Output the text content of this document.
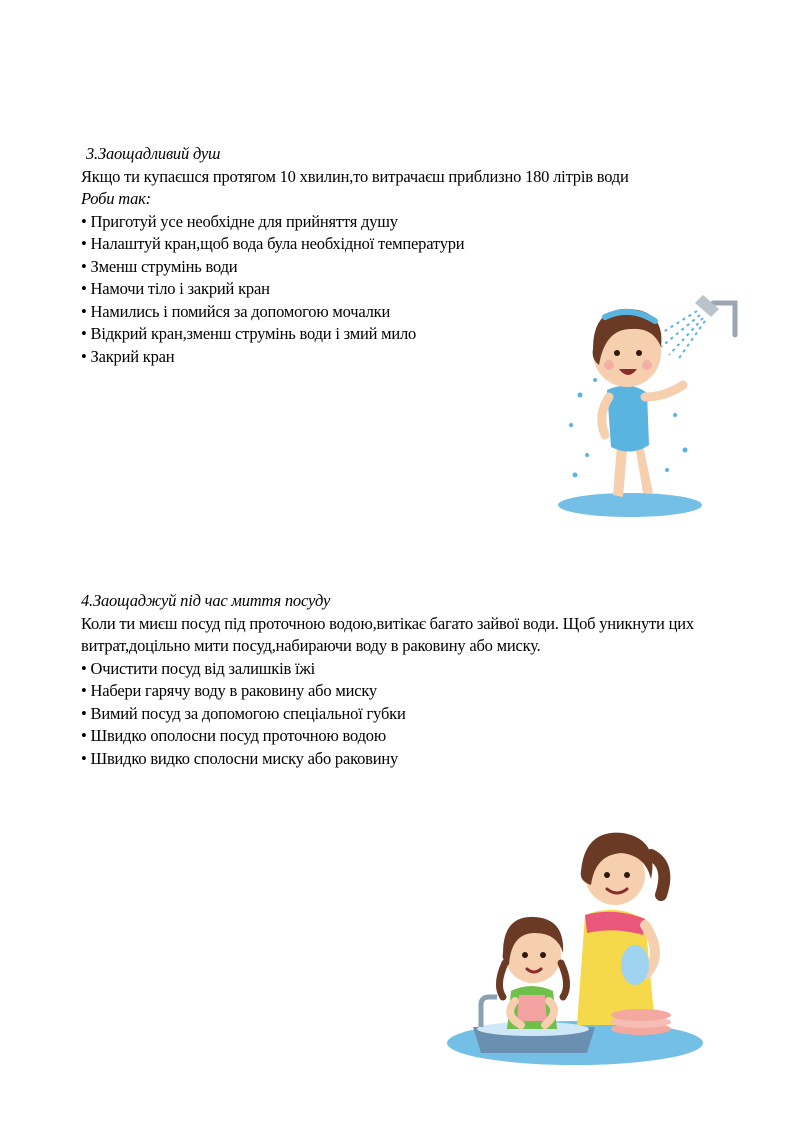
3.Заощадливий душ

Якщо ти купаєшся протягом 10 хвилин,то витрачаєш приблизно 180 літрів води

Роби так:
• Приготуй усе необхідне для прийняття душу
• Налаштуй кран,щоб вода була необхідної температури
• Зменш струмінь води
• Намочи тіло і закрий кран
• Намились і помийся за допомогою мочалки
• Відкрий кран,зменш струмінь води і змий мило
• Закрий кран
4.Заощаджуй під час миття посуду

Коли ти миєш посуд під проточною водою,витікає багато зайвої води. Щоб уникнути цих витрат,доцільно мити посуд,набираючи воду в раковину або миску.

• Очистити посуд від залишків їжі
• Набери гарячу воду в раковину або миску
• Вимий посуд за допомогою спеціальної губки
• Швидко ополосни посуд проточною водою
• Швидко видко сполосни миску або раковину
